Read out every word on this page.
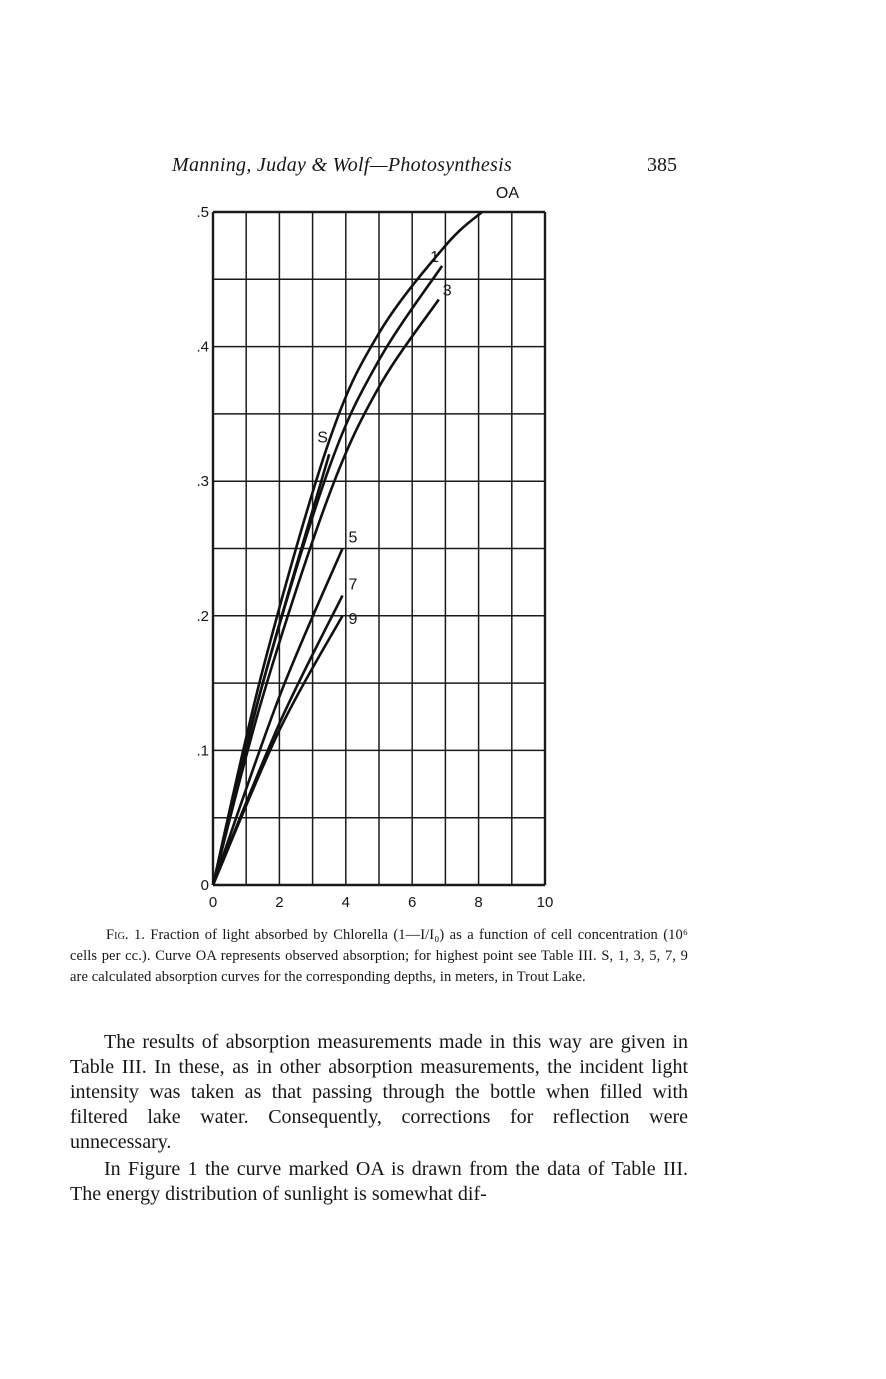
Manning, Juday & Wolf—Photosynthesis	385
0	2	4	6	8	10
0
.1
.2
.3
.4
.5
OA
S
1
3
5
7
9
Fig. 1. Fraction of light absorbed by Chlorella (1—I/I₀) as a function of cell concentration (10⁶ cells per cc.). Curve OA represents observed absorption; for highest point see Table III. S, 1, 3, 5, 7, 9 are calculated absorption curves for the corresponding depths, in meters, in Trout Lake.

The results of absorption measurements made in this way are given in Table III. In these, as in other absorption measurements, the incident light intensity was taken as that passing through the bottle when filled with filtered lake water. Consequently, corrections for reflection were unnecessary.

In Figure 1 the curve marked OA is drawn from the data of Table III. The energy distribution of sunlight is somewhat dif-
